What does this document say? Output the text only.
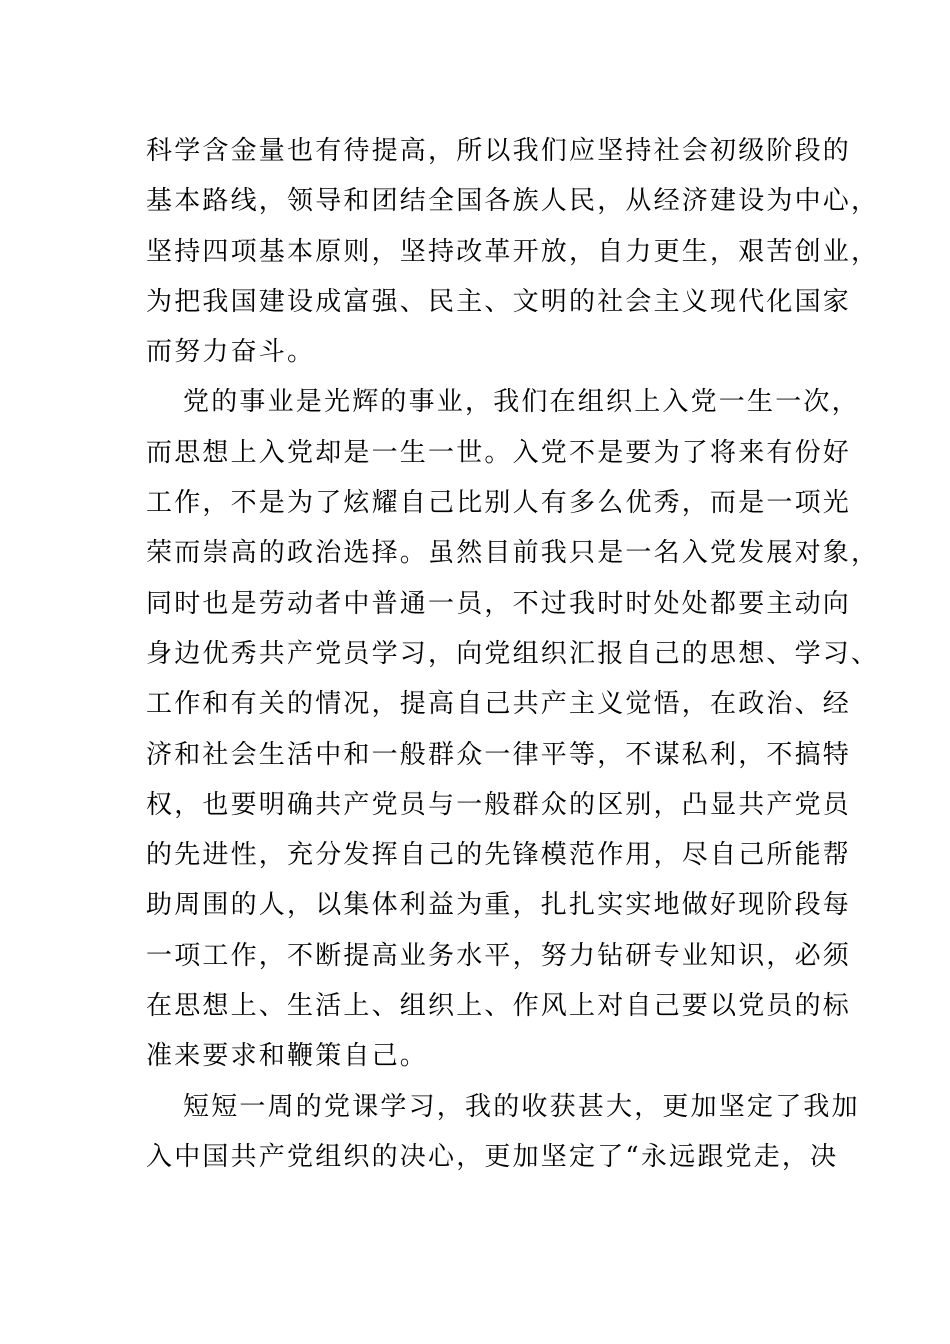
科学含金量也有待提高，所以我们应坚持社会初级阶段的
基本路线，领导和团结全国各族人民，从经济建设为中心，
坚持四项基本原则，坚持改革开放，自力更生，艰苦创业，
为把我国建设成富强、民主、文明的社会主义现代化国家
而努力奋斗。
党的事业是光辉的事业，我们在组织上入党一生一次，
而思想上入党却是一生一世。入党不是要为了将来有份好
工作，不是为了炫耀自己比别人有多么优秀，而是一项光
荣而崇高的政治选择。虽然目前我只是一名入党发展对象，
同时也是劳动者中普通一员，不过我时时处处都要主动向
身边优秀共产党员学习，向党组织汇报自己的思想、学习、
工作和有关的情况，提高自己共产主义觉悟，在政治、经
济和社会生活中和一般群众一律平等，不谋私利，不搞特
权，也要明确共产党员与一般群众的区别，凸显共产党员
的先进性，充分发挥自己的先锋模范作用，尽自己所能帮
助周围的人，以集体利益为重，扎扎实实地做好现阶段每
一项工作，不断提高业务水平，努力钻研专业知识，必须
在思想上、生活上、组织上、作风上对自己要以党员的标
准来要求和鞭策自己。
短短一周的党课学习，我的收获甚大，更加坚定了我加
入中国共产党组织的决心，更加坚定了“永远跟党走，决
